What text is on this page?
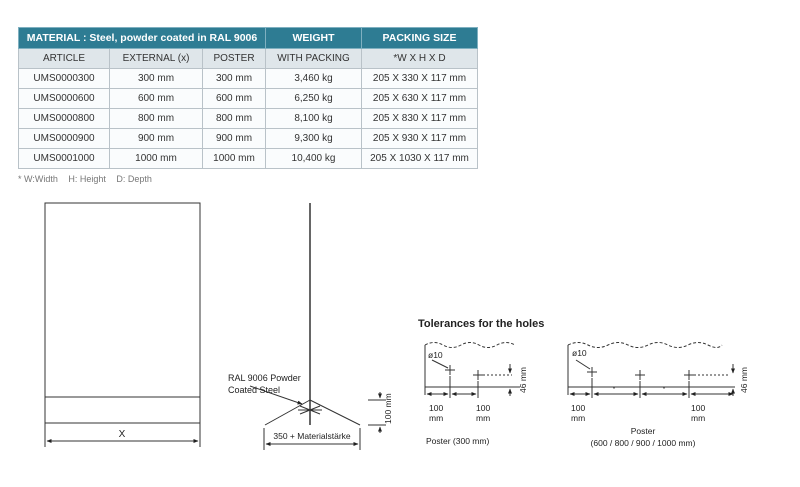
MATERIAL : Steel, powder coated in RAL 9006			WEIGHT	PACKING SIZE
ARTICLE	EXTERNAL (x)	POSTER	WITH PACKING	*W X H X D
UMS0000300	300 mm	300 mm	3,460 kg	205 X 330 X 117 mm
UMS0000600	600 mm	600 mm	6,250 kg	205 X 630 X 117 mm
UMS0000800	800 mm	800 mm	8,100 kg	205 X 830 X 117 mm
UMS0000900	900 mm	900 mm	9,300 kg	205 X 930 X 117 mm
UMS0001000	1000 mm	1000 mm	10,400 kg	205 X 1030 X 117 mm
* W:Width H: Height D: Depth
X
RAL 9006 Powder
Coated Steel
350 + Materialstärke
100 mm
Tolerances for the holes
ø10
100
mm
100
mm
46 mm
Poster (300 mm)
ø10
"	"
100
mm
100
mm
46 mm
Poster
(600 / 800 / 900 / 1000 mm)
